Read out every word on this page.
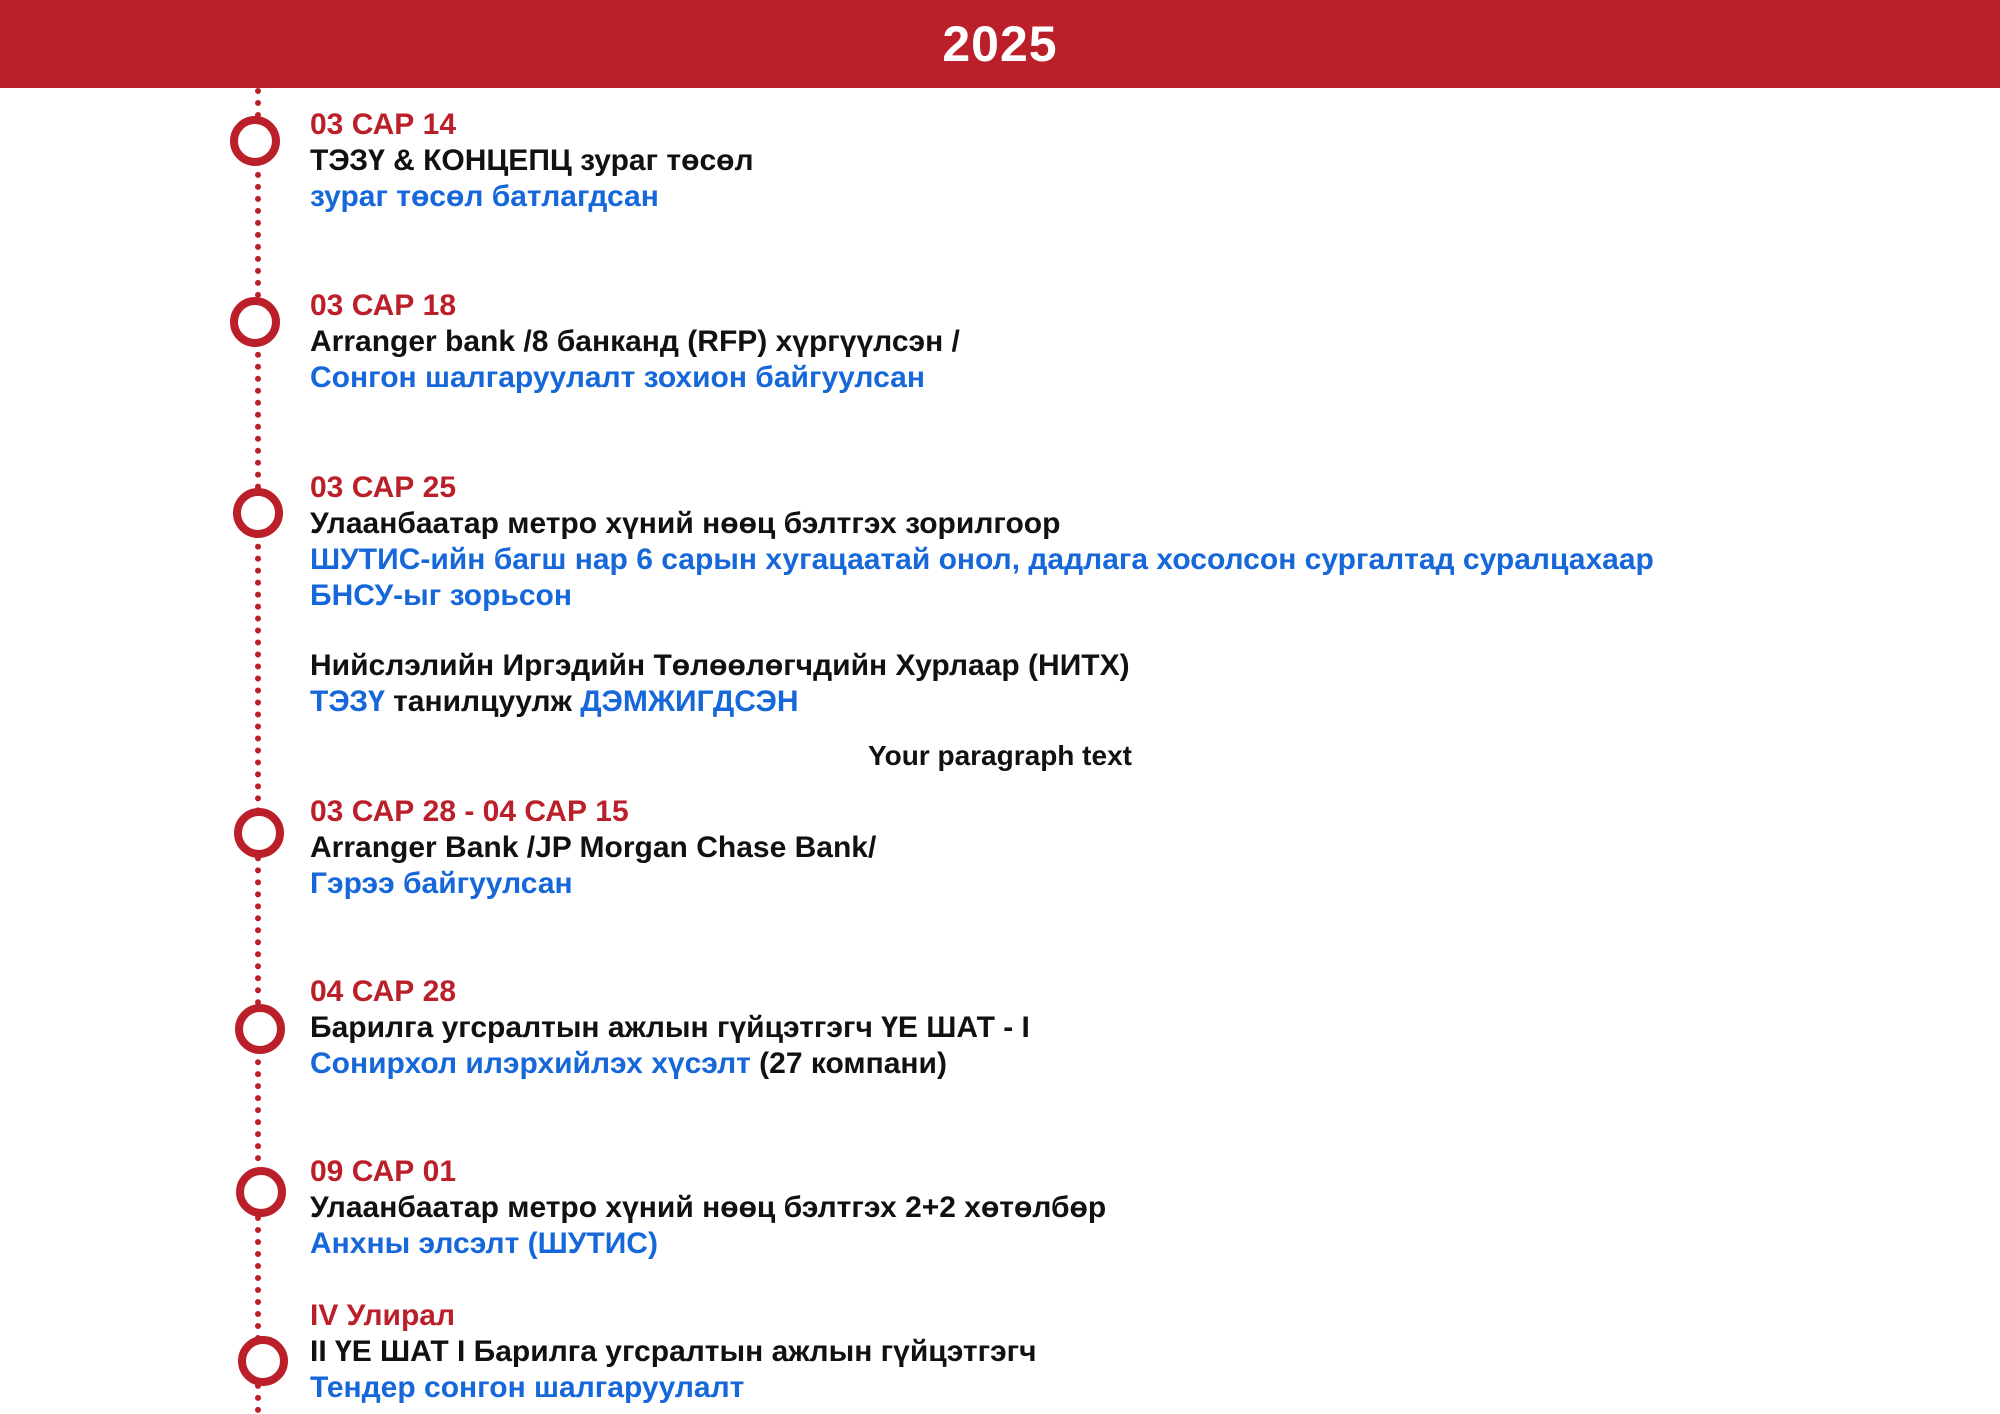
2025
03 САР 14
ТЭЗҮ & КОНЦЕПЦ зураг төсөл
зураг төсөл батлагдсан
03 САР 18
Arranger bank /8 банканд (RFP) хүргүүлсэн /
Сонгон шалгаруулалт зохион байгуулсан
03 САР 25
Улаанбаатар метро хүний нөөц бэлтгэх зорилгоор
ШУТИС-ийн багш нар 6 сарын хугацаатай онол, дадлага хосолсон сургалтад суралцахаар
БНСУ-ыг зорьсон
Нийслэлийн Иргэдийн Төлөөлөгчдийн Хурлаар (НИТХ)
ТЭЗҮ танилцуулж ДЭМЖИГДСЭН
Your paragraph text
03 САР 28 - 04 САР 15
Arranger Bank /JP Morgan Chase Bank/
Гэрээ байгуулсан
04 САР 28
Барилга угсралтын ажлын гүйцэтгэгч ҮЕ ШАТ - I
Сонирхол илэрхийлэх хүсэлт (27 компани)
09 САР 01
Улаанбаатар метро хүний нөөц бэлтгэх 2+2 хөтөлбөр
Анхны элсэлт (ШУТИС)
IV Улирал
II ҮЕ ШАТ I Барилга угсралтын ажлын гүйцэтгэгч
Тендер сонгон шалгаруулалт
